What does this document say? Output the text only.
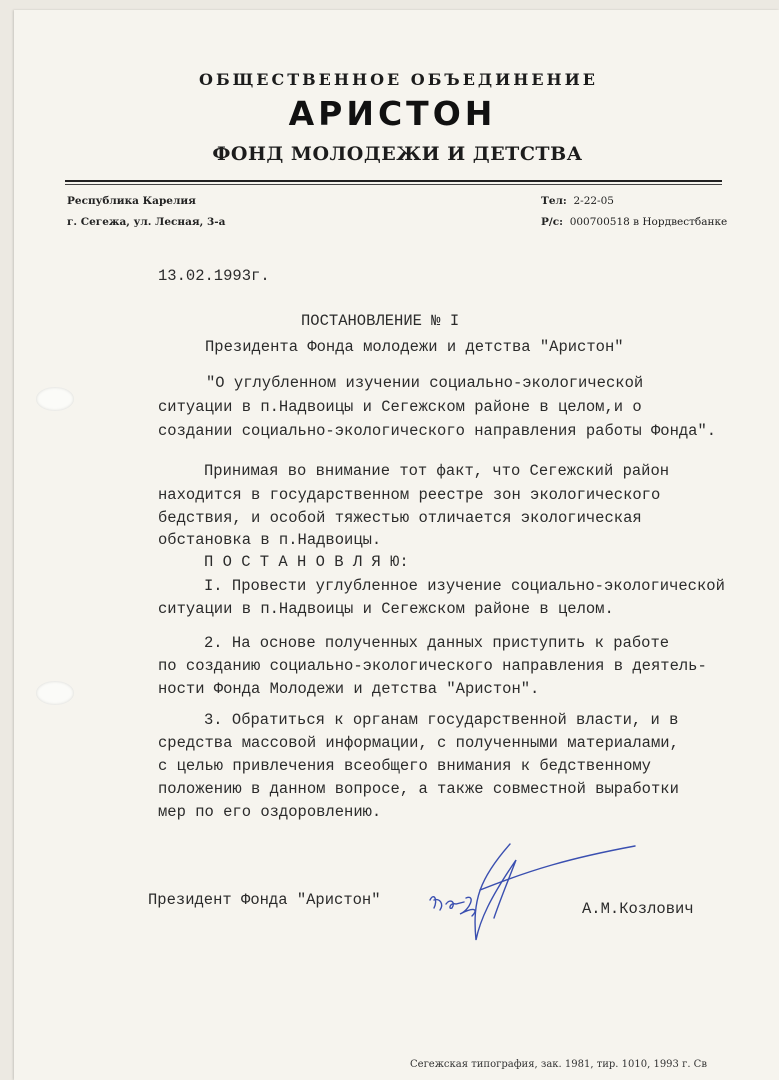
ОБЩЕСТВЕННОЕ ОБЪЕДИНЕНИЕ
АРИСТОН
ФОНД МОЛОДЕЖИ И ДЕТСТВА
Республика Карелия
г. Сегежа, ул. Лесная, 3-а
Тел: 2-22-05
Р/с: 000700518 в Нордвестбанке
13.02.1993г.
ПОСТАНОВЛЕНИЕ № I
Президента Фонда молодежи и детства "Аристон"
"О углубленном изучении социально-экологической
ситуации в п.Надвоицы и Сегежском районе в целом,и о
создании социально-экологического направления работы Фонда".
Принимая во внимание тот факт, что Сегежский район
находится в государственном реестре зон экологического
бедствия, и особой тяжестью отличается экологическая
обстановка в п.Надвоицы.
П О С Т А Н О В Л Я Ю:
I. Провести углубленное изучение социально-экологической
ситуации в п.Надвоицы и Сегежском районе в целом.
2. На основе полученных данных приступить к работе
по созданию социально-экологического направления в деятель-
ности Фонда Молодежи и детства "Аристон".
3. Обратиться к органам государственной власти, и в
средства массовой информации, с полученными материалами,
с целью привлечения всеобщего внимания к бедственному
положению в данном вопросе, а также совместной выработки
мер по его оздоровлению.
Президент Фонда "Аристон"	А.М.Козлович
Сегежская типография, зак. 1981, тир. 1010, 1993 г. Св
